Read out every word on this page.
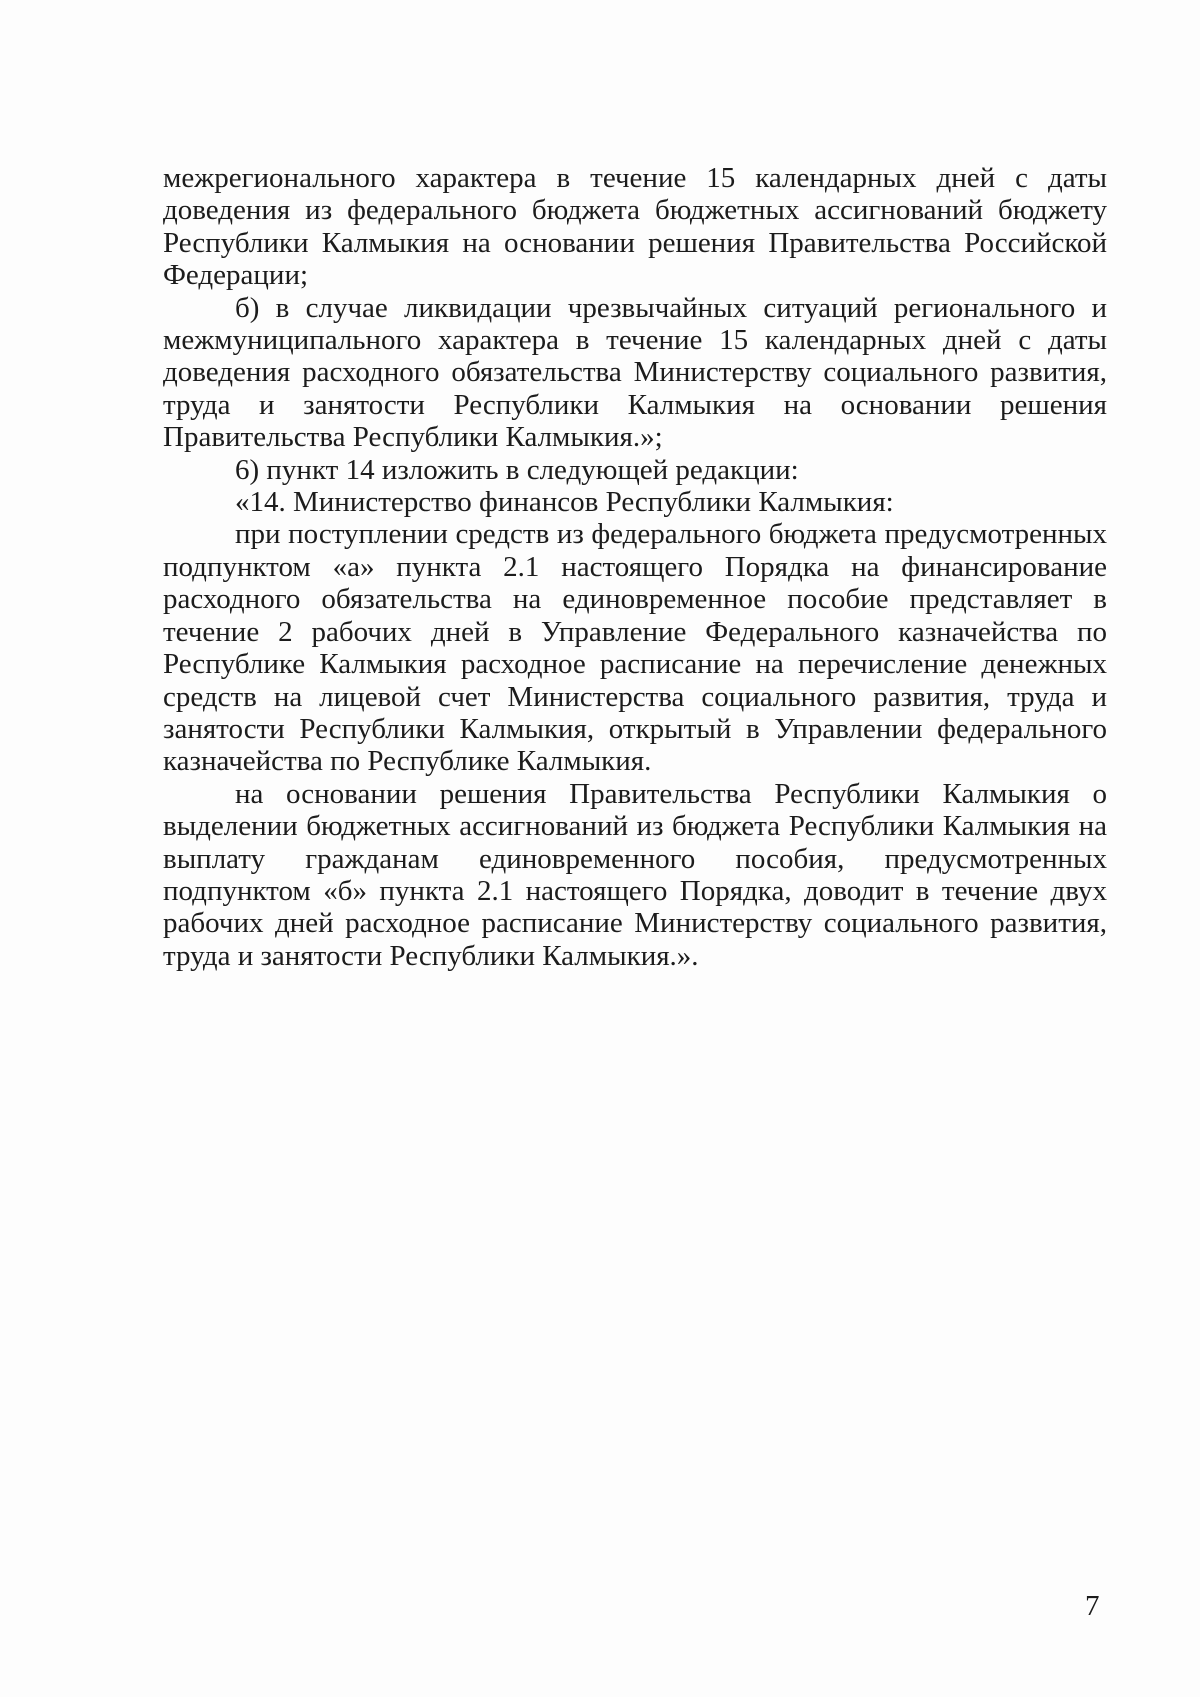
межрегионального характера в течение 15 календарных дней с даты доведения из федерального бюджета бюджетных ассигнований бюджету Республики Калмыкия на основании решения Правительства Российской Федерации;

б) в случае ликвидации чрезвычайных ситуаций регионального и межмуниципального характера в течение 15 календарных дней с даты доведения расходного обязательства Министерству социального развития, труда и занятости Республики Калмыкия на основании решения Правительства Республики Калмыкия.»;

6) пункт 14 изложить в следующей редакции:

«14. Министерство финансов Республики Калмыкия:

при поступлении средств из федерального бюджета предусмотренных подпунктом «а» пункта 2.1 настоящего Порядка на финансирование расходного обязательства на единовременное пособие представляет в течение 2 рабочих дней в Управление Федерального казначейства по Республике Калмыкия расходное расписание на перечисление денежных средств на лицевой счет Министерства социального развития, труда и занятости Республики Калмыкия, открытый в Управлении федерального казначейства по Республике Калмыкия.

на основании решения Правительства Республики Калмыкия о выделении бюджетных ассигнований из бюджета Республики Калмыкия на выплату гражданам единовременного пособия, предусмотренных подпунктом «б» пункта 2.1 настоящего Порядка, доводит в течение двух рабочих дней расходное расписание Министерству социального развития, труда и занятости Республики Калмыкия.».

7
